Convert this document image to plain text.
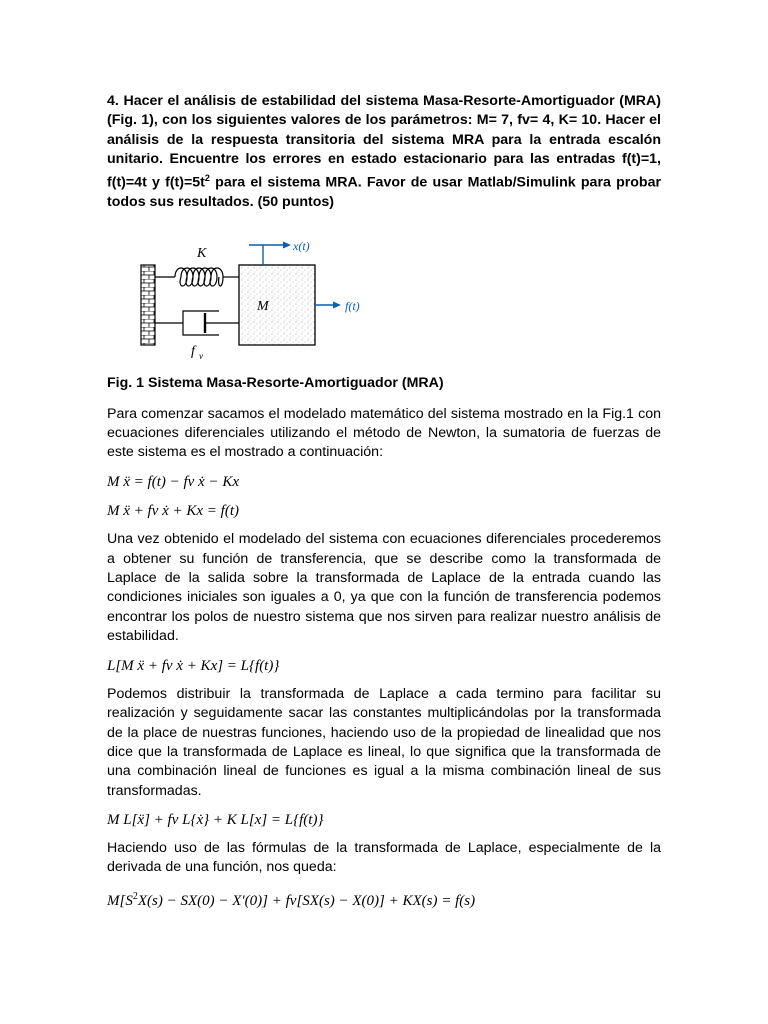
4. Hacer el análisis de estabilidad del sistema Masa-Resorte-Amortiguador (MRA) (Fig. 1), con los siguientes valores de los parámetros: M= 7, fv= 4, K= 10. Hacer el análisis de la respuesta transitoria del sistema MRA para la entrada escalón unitario. Encuentre los errores en estado estacionario para las entradas f(t)=1, f(t)=4t y $f(t)=5t^2$ para el sistema MRA. Favor de usar Matlab/Simulink para probar todos sus resultados. (50 puntos)

K
f v
M
x(t)
f(t)

Fig. 1 Sistema Masa-Resorte-Amortiguador (MRA)

Para comenzar sacamos el modelado matemático del sistema mostrado en la Fig.1 con ecuaciones diferenciales utilizando el método de Newton, la sumatoria de fuerzas de este sistema es el mostrado a continuación:

M ẍ = f(t) − fv ẋ − Kx
M ẍ + fv ẋ + Kx = f(t)

Una vez obtenido el modelado del sistema con ecuaciones diferenciales procederemos a obtener su función de transferencia, que se describe como la transformada de Laplace de la salida sobre la transformada de Laplace de la entrada cuando las condiciones iniciales son iguales a 0, ya que con la función de transferencia podemos encontrar los polos de nuestro sistema que nos sirven para realizar nuestro análisis de estabilidad.

L[M ẍ + fv ẋ + Kx] = L{f(t)}

Podemos distribuir la transformada de Laplace a cada termino para facilitar su realización y seguidamente sacar las constantes multiplicándolas por la transformada de la place de nuestras funciones, haciendo uso de la propiedad de linealidad que nos dice que la transformada de Laplace es lineal, lo que significa que la transformada de una combinación lineal de funciones es igual a la misma combinación lineal de sus transformadas.

M L[ẍ] + fv L{ẋ} + K L[x] = L{f(t)}

Haciendo uso de las fórmulas de la transformada de Laplace, especialmente de la derivada de una función, nos queda:

$M[S^2X(s) - SX(0) - X'(0)] + fv[SX(s) - X(0)] + KX(s) = f(s)$
